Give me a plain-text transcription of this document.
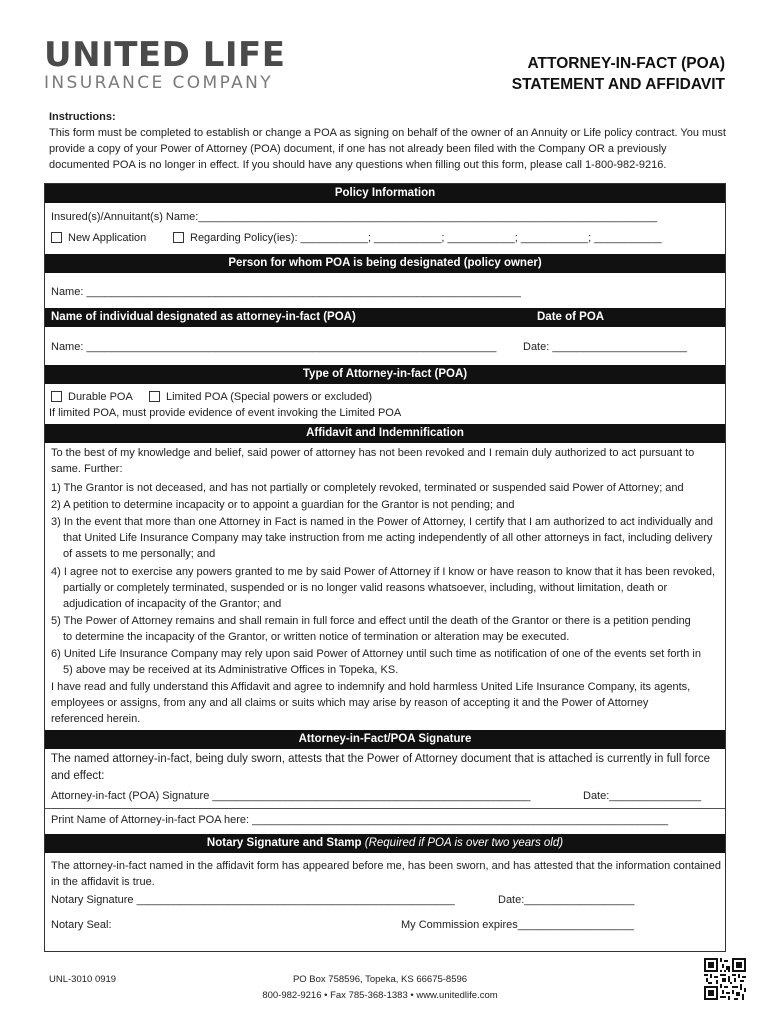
UNITED LIFE
INSURANCE COMPANY
ATTORNEY-IN-FACT (POA)
STATEMENT AND AFFIDAVIT
Instructions:
This form must be completed to establish or change a POA as signing on behalf of the owner of an Annuity or Life policy contract. You must provide a copy of your Power of Attorney (POA) document, if one has not already been filed with the Company OR a previously documented POA is no longer in effect. If you should have any questions when filling out this form, please call 1-800-982-9216.
Policy Information
Insured(s)/Annuitant(s) Name:___________________________________________________________________________
New Application	Regarding Policy(ies): ___________; ___________; ___________; ___________; ___________
Person for whom POA is being designated (policy owner)
Name: _______________________________________________________________________
Name of individual designated as attorney-in-fact (POA)	Date of POA
Name: ___________________________________________________________________ Date: ______________________
Type of Attorney-in-fact (POA)
Durable POA	Limited POA (Special powers or excluded)
If limited POA, must provide evidence of event invoking the Limited POA
Affidavit and Indemnification
To the best of my knowledge and belief, said power of attorney has not been revoked and I remain duly authorized to act pursuant to same. Further:
1) The Grantor is not deceased, and has not partially or completely revoked, terminated or suspended said Power of Attorney; and
2) A petition to determine incapacity or to appoint a guardian for the Grantor is not pending; and
3) In the event that more than one Attorney in Fact is named in the Power of Attorney, I certify that I am authorized to act individually and that United Life Insurance Company may take instruction from me acting independently of all other attorneys in fact, including delivery of assets to me personally; and
4) I agree not to exercise any powers granted to me by said Power of Attorney if I know or have reason to know that it has been revoked, partially or completely terminated, suspended or is no longer valid reasons whatsoever, including, without limitation, death or adjudication of incapacity of the Grantor; and
5) The Power of Attorney remains and shall remain in full force and effect until the death of the Grantor or there is a petition pending to determine the incapacity of the Grantor, or written notice of termination or alteration may be executed.
6) United Life Insurance Company may rely upon said Power of Attorney until such time as notification of one of the events set forth in 5) above may be received at its Administrative Offices in Topeka, KS.
I have read and fully understand this Affidavit and agree to indemnify and hold harmless United Life Insurance Company, its agents, employees or assigns, from any and all claims or suits which may arise by reason of accepting it and the Power of Attorney referenced herein.
Attorney-in-Fact/POA Signature
The named attorney-in-fact, being duly sworn, attests that the Power of Attorney document that is attached is currently in full force and effect:
Attorney-in-fact (POA) Signature ____________________________________________________	Date:_______________
Print Name of Attorney-in-fact POA here: ____________________________________________________________________
Notary Signature and Stamp (Required if POA is over two years old)
The attorney-in-fact named in the affidavit form has appeared before me, has been sworn, and has attested that the information contained in the affidavit is true.
Notary Signature ____________________________________________________	Date:__________________
Notary Seal:	My Commission expires___________________
UNL-3010 0919	PO Box 758596, Topeka, KS 66675-8596
800-982-9216 • Fax 785-368-1383 • www.unitedlife.com
